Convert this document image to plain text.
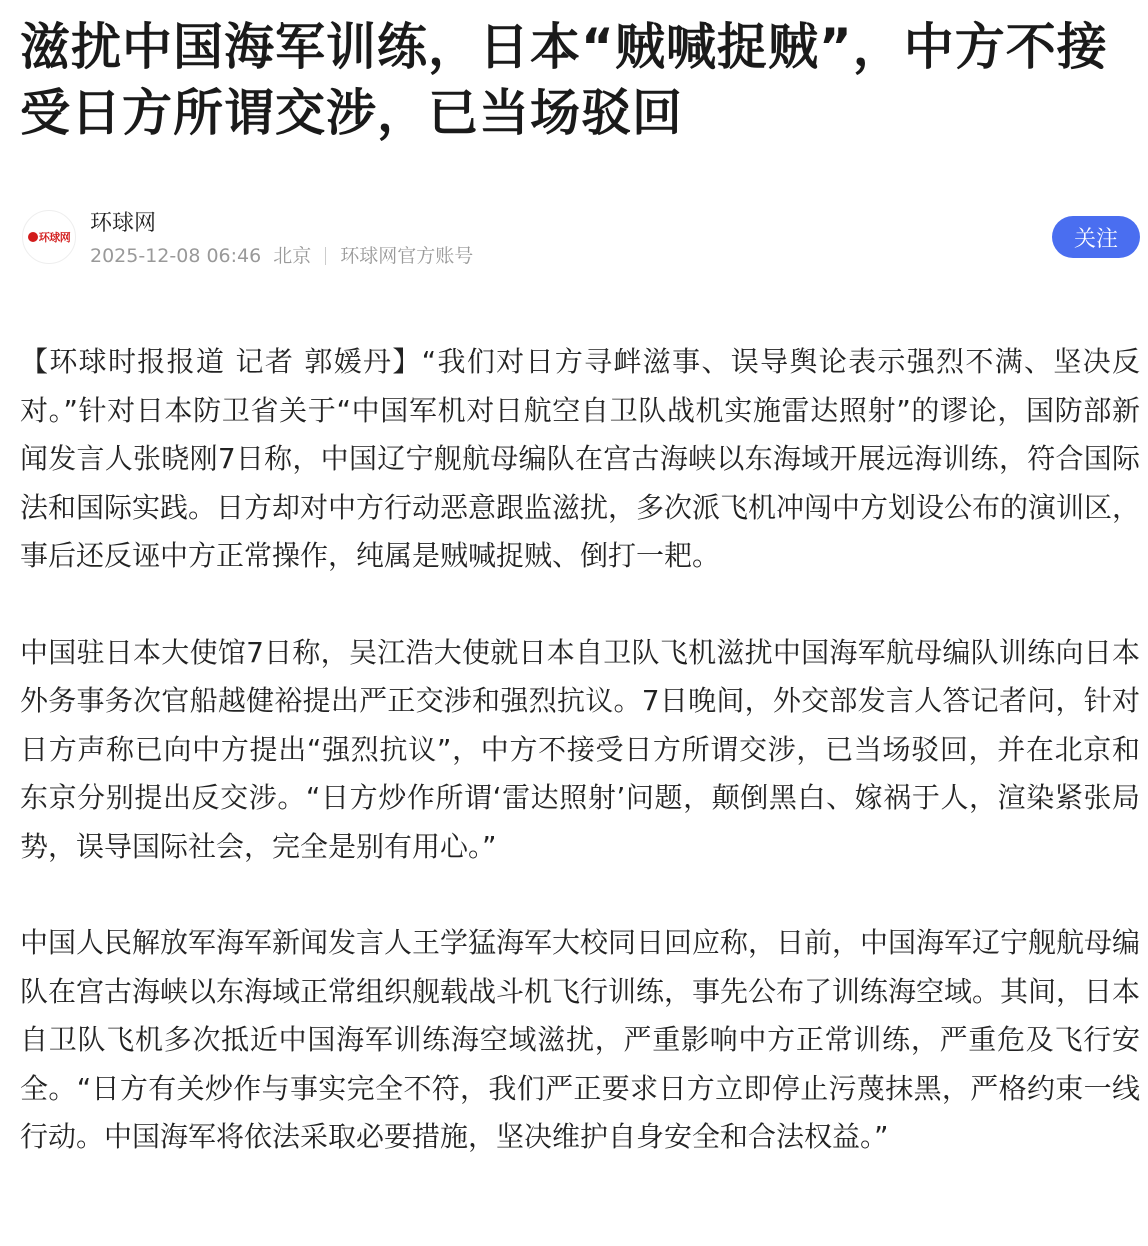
滋扰中国海军训练，日本“贼喊捉贼”，中方不接受日方所谓交涉，已当场驳回
环球网
环球网
2025-12-08 06:46 北京 环球网官方账号
关注

【环球时报报道 记者 郭媛丹】“我们对日方寻衅滋事、误导舆论表示强烈不满、坚决反对。”针对日本防卫省关于“中国军机对日航空自卫队战机实施雷达照射”的谬论，国防部新闻发言人张晓刚7日称，中国辽宁舰航母编队在宫古海峡以东海域开展远海训练，符合国际法和国际实践。日方却对中方行动恶意跟监滋扰，多次派飞机冲闯中方划设公布的演训区，事后还反诬中方正常操作，纯属是贼喊捉贼、倒打一耙。

中国驻日本大使馆7日称，吴江浩大使就日本自卫队飞机滋扰中国海军航母编队训练向日本外务事务次官船越健裕提出严正交涉和强烈抗议。7日晚间，外交部发言人答记者问，针对日方声称已向中方提出“强烈抗议”，中方不接受日方所谓交涉，已当场驳回，并在北京和东京分别提出反交涉。“日方炒作所谓‘雷达照射’问题，颠倒黑白、嫁祸于人，渲染紧张局势，误导国际社会，完全是别有用心。”

中国人民解放军海军新闻发言人王学猛海军大校同日回应称，日前，中国海军辽宁舰航母编队在宫古海峡以东海域正常组织舰载战斗机飞行训练，事先公布了训练海空域。其间，日本自卫队飞机多次抵近中国海军训练海空域滋扰，严重影响中方正常训练，严重危及飞行安全。“日方有关炒作与事实完全不符，我们严正要求日方立即停止污蔑抹黑，严格约束一线行动。中国海军将依法采取必要措施，坚决维护自身安全和合法权益。”
